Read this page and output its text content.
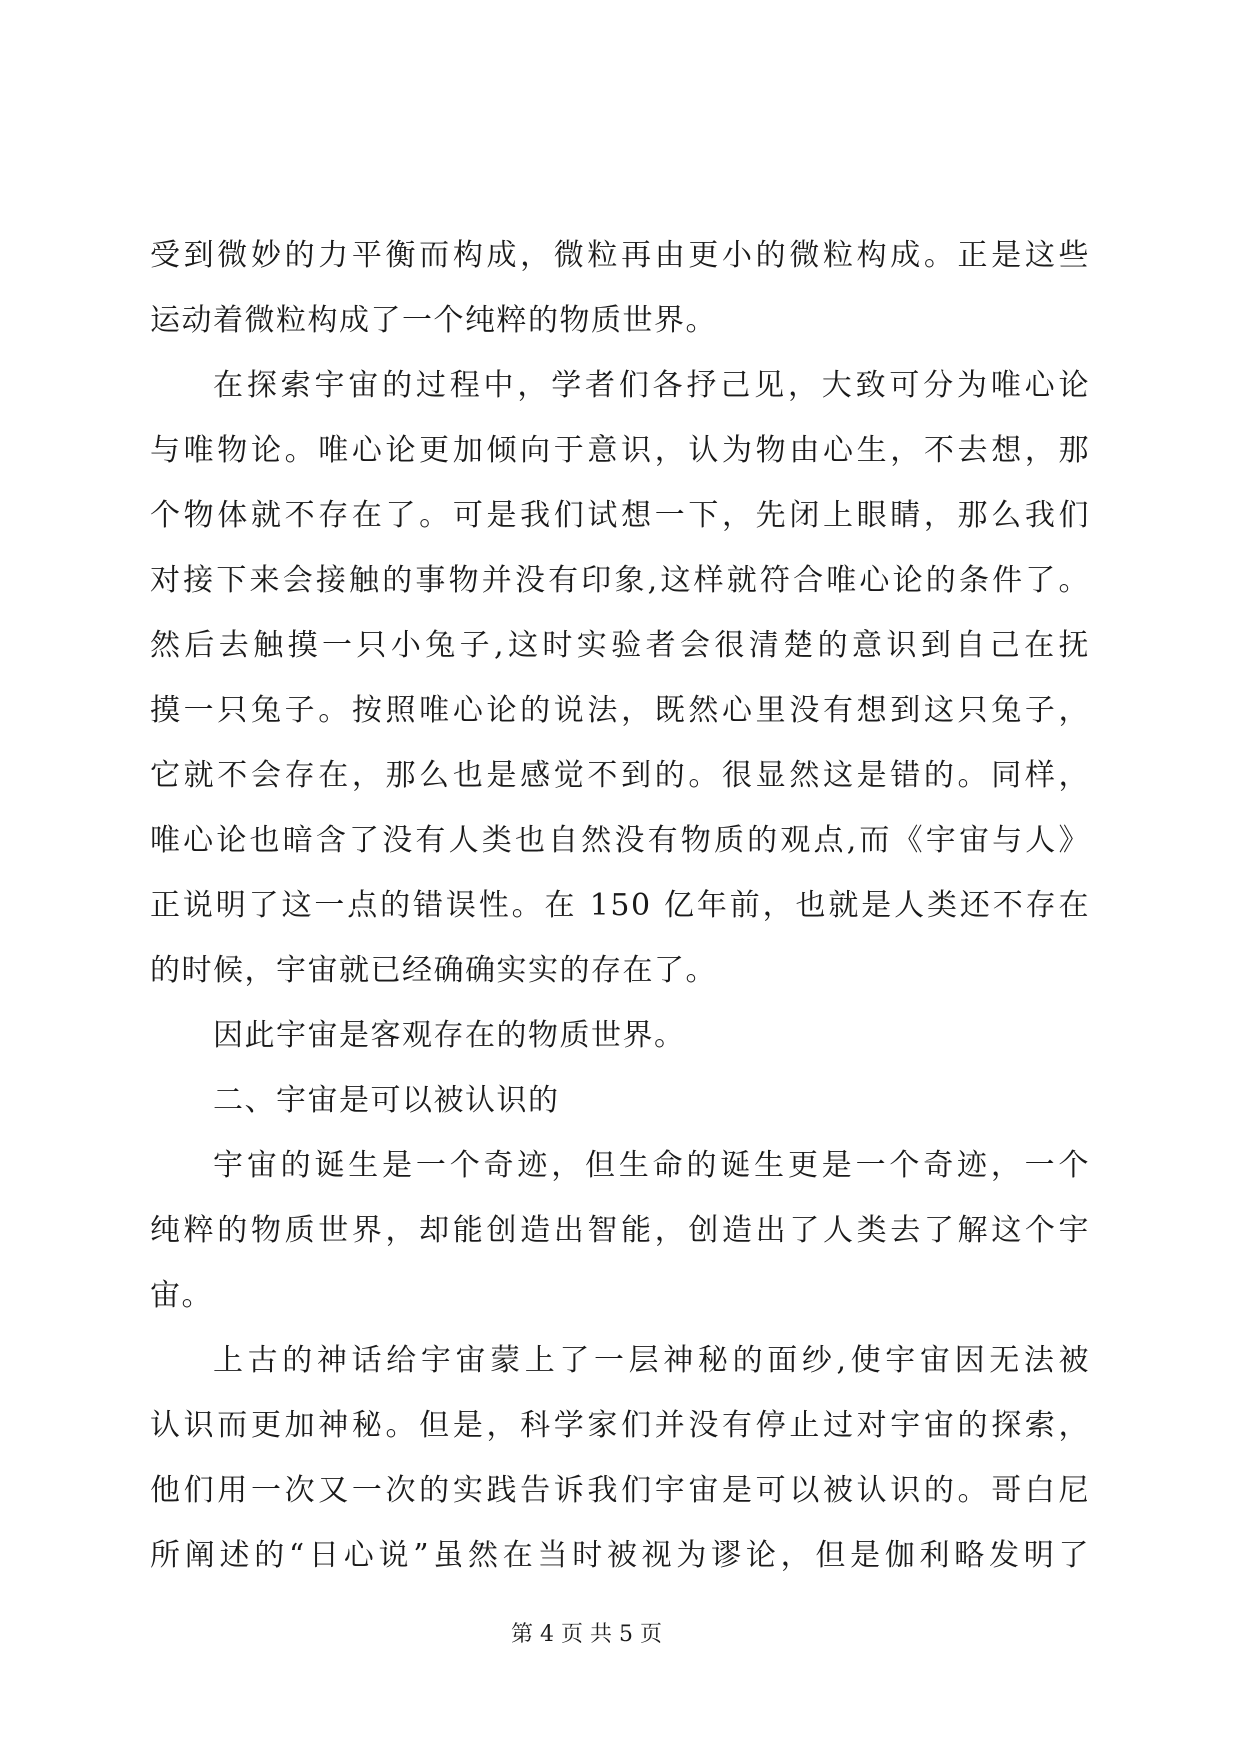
受到微妙的力平衡而构成，微粒再由更小的微粒构成。正是这些
运动着微粒构成了一个纯粹的物质世界。
在探索宇宙的过程中，学者们各抒己见，大致可分为唯心论
与唯物论。唯心论更加倾向于意识，认为物由心生，不去想，那
个物体就不存在了。可是我们试想一下，先闭上眼睛，那么我们
对接下来会接触的事物并没有印象,这样就符合唯心论的条件了。
然后去触摸一只小兔子,这时实验者会很清楚的意识到自己在抚
摸一只兔子。按照唯心论的说法，既然心里没有想到这只兔子，
它就不会存在，那么也是感觉不到的。很显然这是错的。同样，
唯心论也暗含了没有人类也自然没有物质的观点,而《宇宙与人》
正说明了这一点的错误性。在 150 亿年前，也就是人类还不存在
的时候，宇宙就已经确确实实的存在了。
因此宇宙是客观存在的物质世界。
二、宇宙是可以被认识的
宇宙的诞生是一个奇迹，但生命的诞生更是一个奇迹，一个
纯粹的物质世界，却能创造出智能，创造出了人类去了解这个宇
宙。
上古的神话给宇宙蒙上了一层神秘的面纱,使宇宙因无法被
认识而更加神秘。但是，科学家们并没有停止过对宇宙的探索，
他们用一次又一次的实践告诉我们宇宙是可以被认识的。哥白尼
所阐述的“日心说”虽然在当时被视为谬论，但是伽利略发明了
第 4 页 共 5 页
